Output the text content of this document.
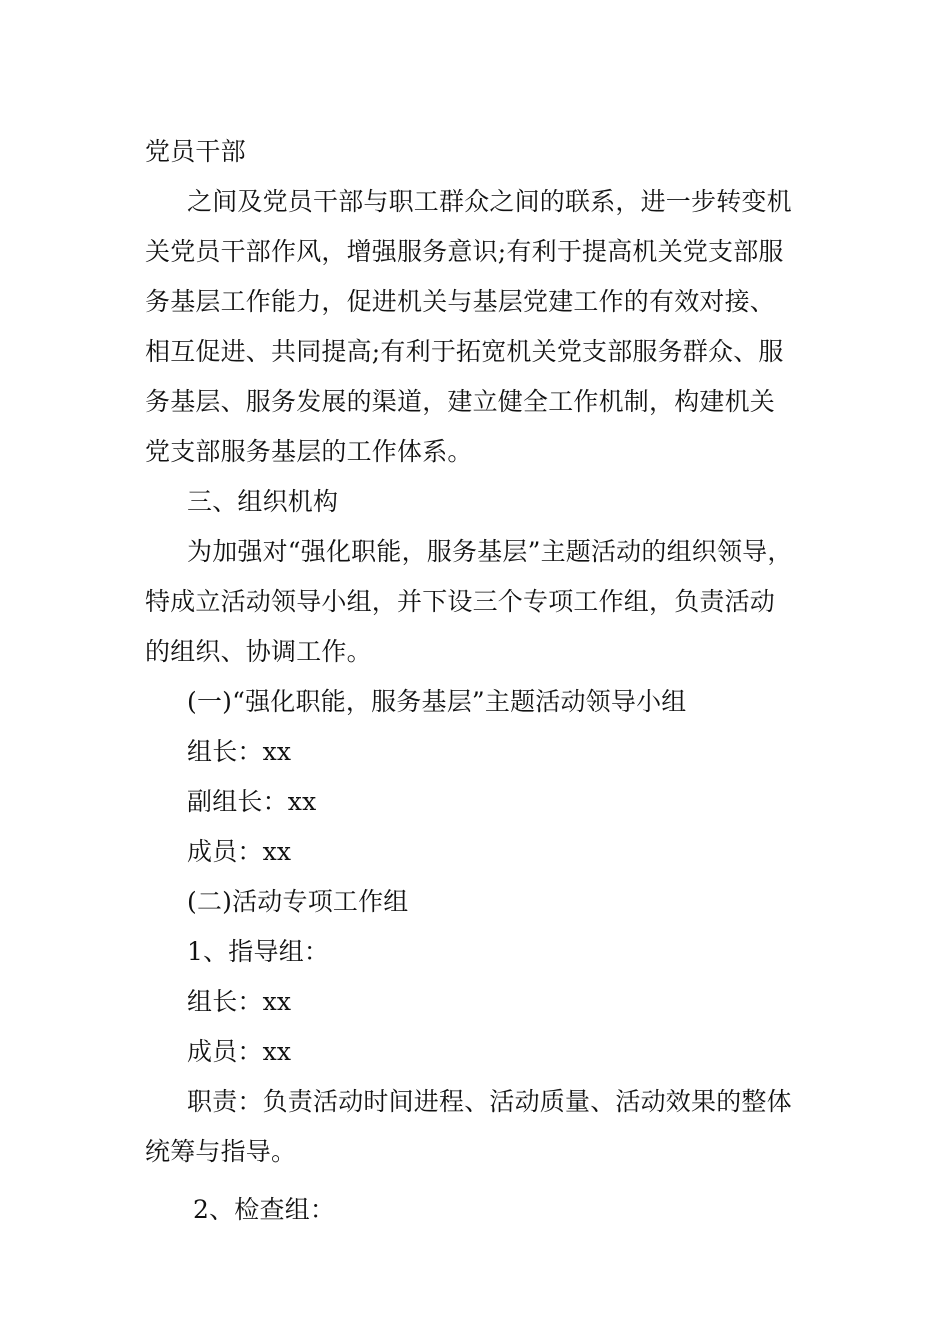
党员干部
之间及党员干部与职工群众之间的联系，进一步转变机
关党员干部作风，增强服务意识;有利于提高机关党支部服
务基层工作能力，促进机关与基层党建工作的有效对接、
相互促进、共同提高;有利于拓宽机关党支部服务群众、服
务基层、服务发展的渠道，建立健全工作机制，构建机关
党支部服务基层的工作体系。
三、组织机构
为加强对“强化职能，服务基层”主题活动的组织领导，
特成立活动领导小组，并下设三个专项工作组，负责活动
的组织、协调工作。
(一)“强化职能，服务基层”主题活动领导小组
组长：xx
副组长：xx
成员：xx
(二)活动专项工作组
1、指导组：
组长：xx
成员：xx
职责：负责活动时间进程、活动质量、活动效果的整体
统筹与指导。
2、检查组：
